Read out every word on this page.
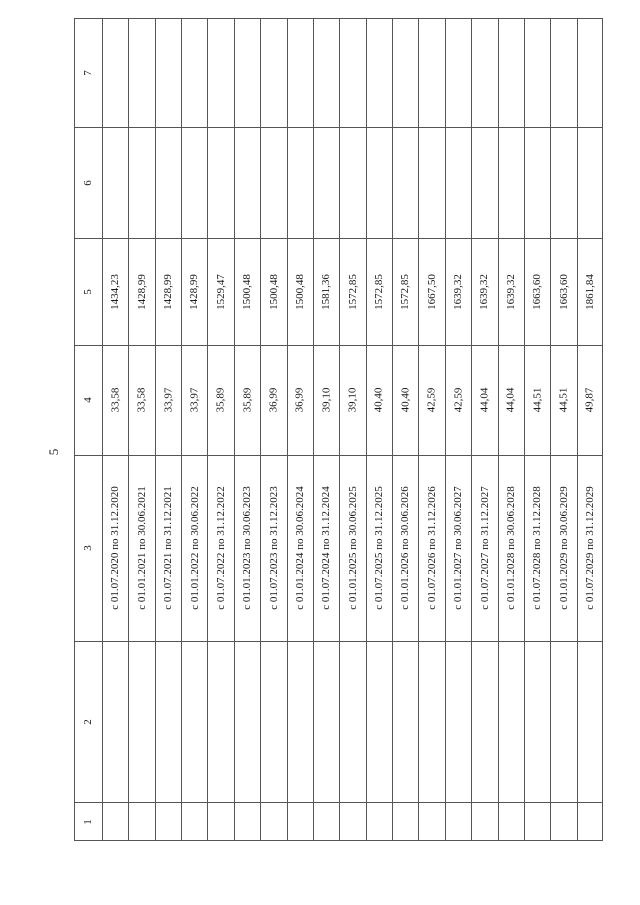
5
7
6
5
4
3
2
1
с 01.07.2020 по 31.12.2020
33,58
1434,23
с 01.01.2021 по 30.06.2021
33,58
1428,99
с 01.07.2021 по 31.12.2021
33,97
1428,99
с 01.01.2022 по 30.06.2022
33,97
1428,99
с 01.07.2022 по 31.12.2022
35,89
1529,47
с 01.01.2023 по 30.06.2023
35,89
1500,48
с 01.07.2023 по 31.12.2023
36,99
1500,48
с 01.01.2024 по 30.06.2024
36,99
1500,48
с 01.07.2024 по 31.12.2024
39,10
1581,36
с 01.01.2025 по 30.06.2025
39,10
1572,85
с 01.07.2025 по 31.12.2025
40,40
1572,85
с 01.01.2026 по 30.06.2026
40,40
1572,85
с 01.07.2026 по 31.12.2026
42,59
1667,50
с 01.01.2027 по 30.06.2027
42,59
1639,32
с 01.07.2027 по 31.12.2027
44,04
1639,32
с 01.01.2028 по 30.06.2028
44,04
1639,32
с 01.07.2028 по 31.12.2028
44,51
1663,60
с 01.01.2029 по 30.06.2029
44,51
1663,60
с 01.07.2029 по 31.12.2029
49,87
1861,84
